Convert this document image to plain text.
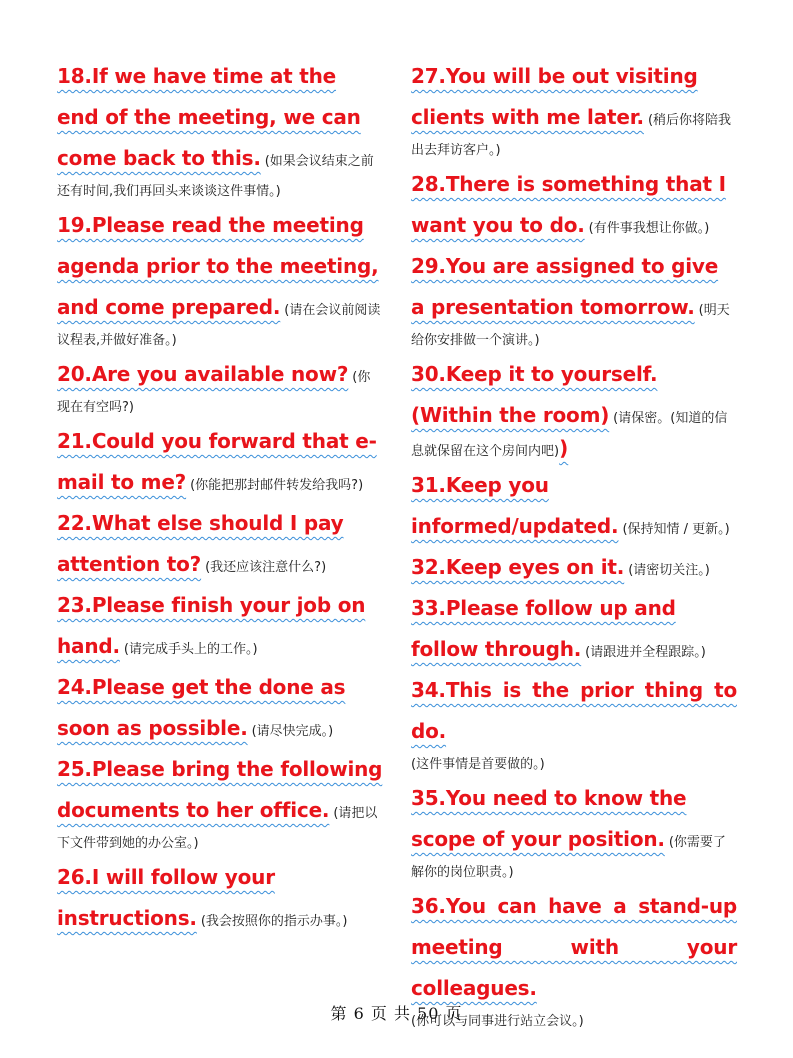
18.If we have time at the end of the meeting, we can come back to this. (如果会议结束之前还有时间,我们再回头来谈谈这件事情。)
19.Please read the meeting agenda prior to the meeting, and come prepared. (请在会议前阅读议程表,并做好准备。)
20.Are you available now? (你现在有空吗?)
21.Could you forward that e-mail to me? (你能把那封邮件转发给我吗?)
22.What else should I pay attention to? (我还应该注意什么?)
23.Please finish your job on hand. (请完成手头上的工作。)
24.Please get the done as soon as possible. (请尽快完成。)
25.Please bring the following documents to her office. (请把以下文件带到她的办公室。)
26.I will follow your instructions. (我会按照你的指示办事。)
27.You will be out visiting clients with me later. (稍后你将陪我出去拜访客户。)
28.There is something that I want you to do. (有件事我想让你做。)
29.You are assigned to give a presentation tomorrow. (明天给你安排做一个演讲。)
30.Keep it to yourself. (Within the room) (请保密。(知道的信息就保留在这个房间内吧))
31.Keep you informed/updated. (保持知情 / 更新。)
32.Keep eyes on it. (请密切关注。)
33.Please follow up and follow through. (请跟进并全程跟踪。)
34.This is the prior thing to do.
(这件事情是首要做的。)
35.You need to know the scope of your position. (你需要了解你的岗位职责。)
36.You can have a stand-up meeting with your colleagues.
(你可以与同事进行站立会议。)
第 6 页 共 50 页
